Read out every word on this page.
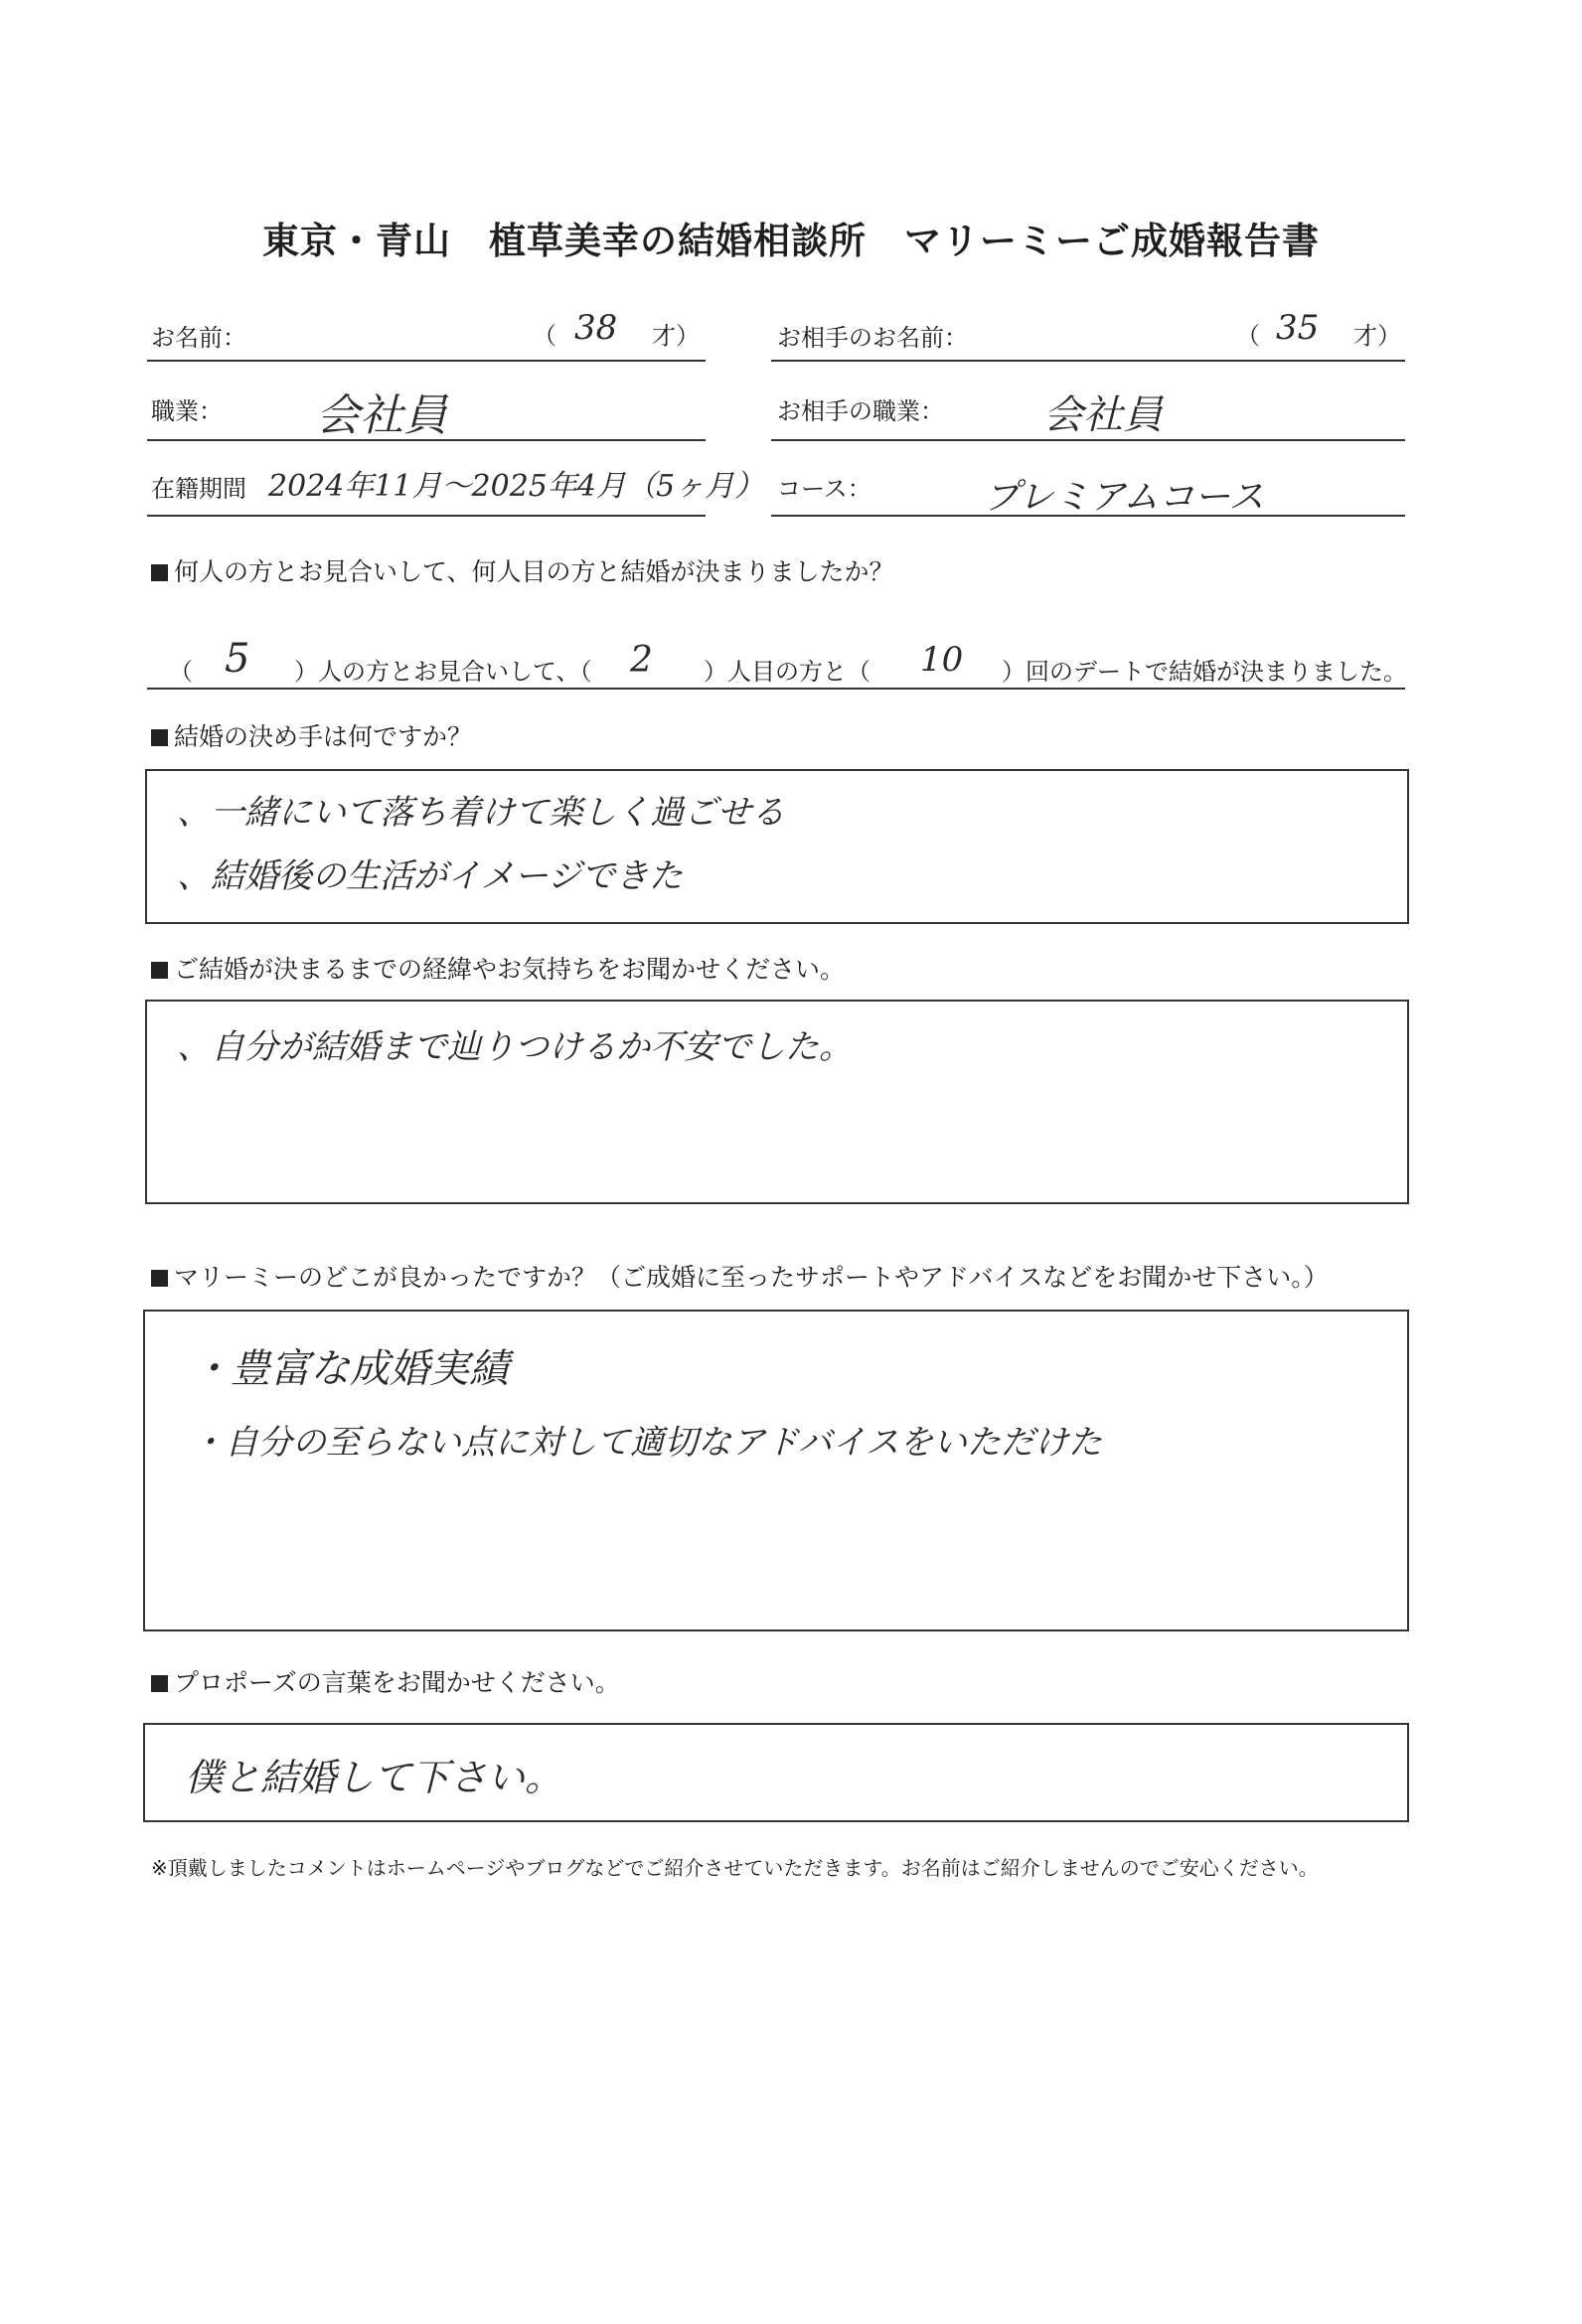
東京・青山　植草美幸の結婚相談所　マリーミーご成婚報告書
お名前：	（ 38 才）	お相手のお名前：	（ 35 才）
職業： 会社員	お相手の職業：	会社員
在籍期間 2024年11月～2025年4月（5ヶ月） コース：	プレミアムコース
何人の方とお見合いして、何人目の方と結婚が決まりましたか？
（ 5 ）人の方とお見合いして、（ 2 ）人目の方と（ 10 ）回のデートで結婚が決まりました。
結婚の決め手は何ですか？
、一緒にいて落ち着けて楽しく過ごせる
、結婚後の生活がイメージできた
ご結婚が決まるまでの経緯やお気持ちをお聞かせください。
、自分が結婚まで辿りつけるか不安でした。
マリーミーのどこが良かったですか？（ご成婚に至ったサポートやアドバイスなどをお聞かせ下さい。）
・豊富な成婚実績
・自分の至らない点に対して適切なアドバイスをいただけた
プロポーズの言葉をお聞かせください。
僕と結婚して下さい。
※頂戴しましたコメントはホームページやブログなどでご紹介させていただきます。お名前はご紹介しませんのでご安心ください。
